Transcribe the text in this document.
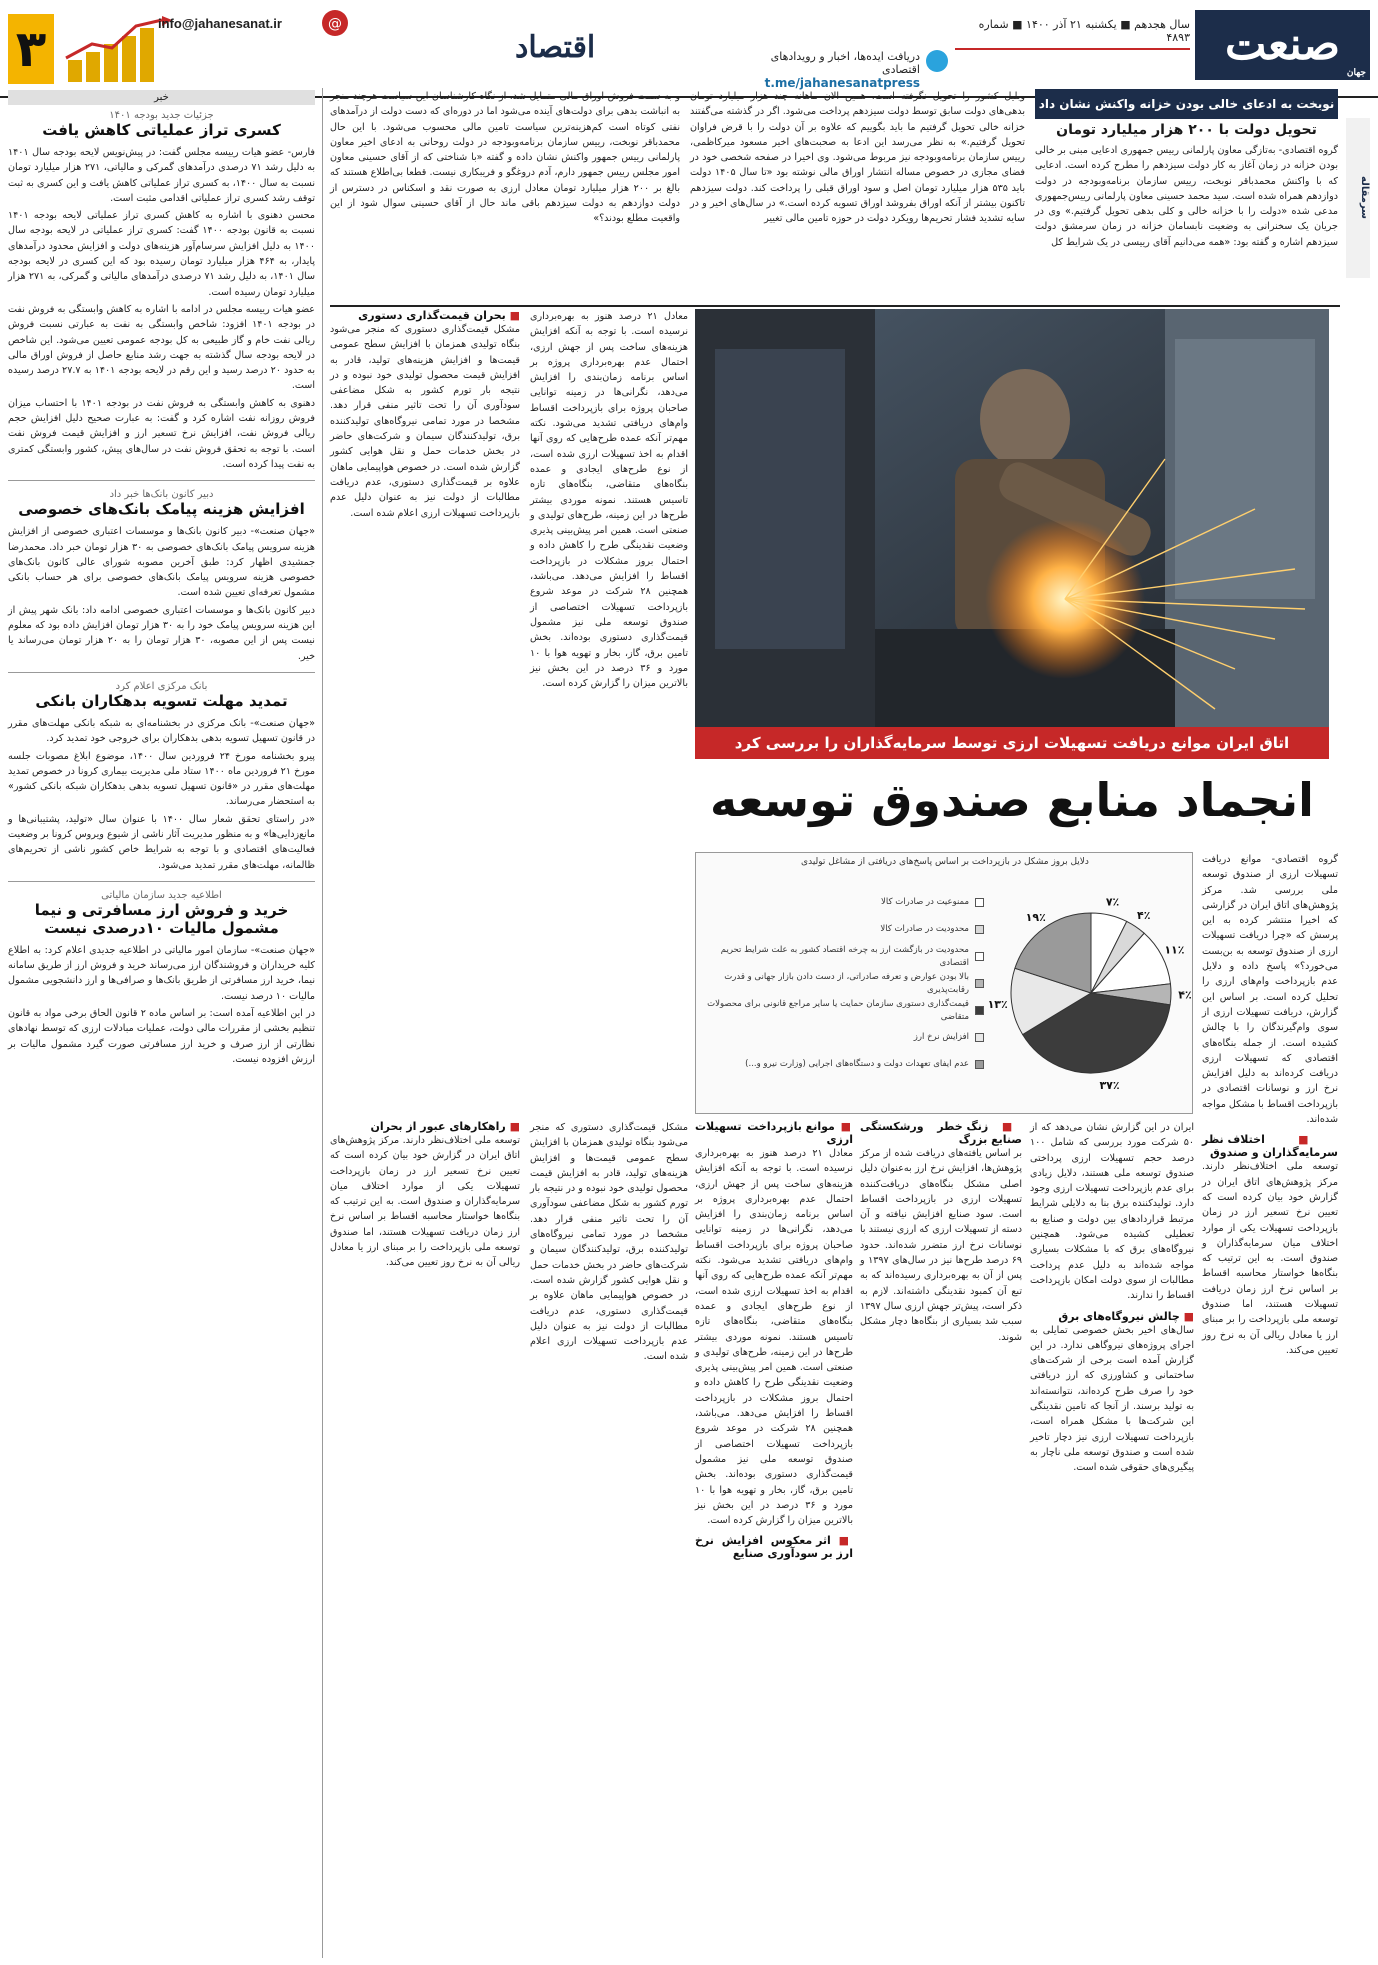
۳	info@jahanesanat.ir	@
اقتصاد	دریافت ایده‌ها، اخبار و رویدادهای اقتصادی
t.me/jahanesanatpress
سال هجدهم ■ یکشنبه ۲۱ آذر ۱۴۰۰ ■ شماره ۴۸۹۳ صنعت
جهان
خبر
جزئیات جدید بودجه ۱۴۰۱
کسری تراز عملیاتی کاهش یافت

فارس- عضو هیات رییسه مجلس گفت: در پیش‌نویس لایحه بودجه سال ۱۴۰۱ به دلیل رشد ۷۱ درصدی درآمدهای گمرکی و مالیاتی، ۲۷۱ هزار میلیارد تومان نسبت به سال ۱۴۰۰، به کسری تراز عملیاتی کاهش یافت و این کسری به ثبت توقف رشد کسری تراز عملیاتی اقدامی مثبت است.

محسن دهنوی با اشاره به کاهش کسری تراز عملیاتی لایحه بودجه ۱۴۰۱ نسبت به قانون بودجه ۱۴۰۰ گفت: کسری تراز عملیاتی در لایحه بودجه سال ۱۴۰۰ به دلیل افزایش سرسام‌آور هزینه‌های دولت و افزایش محدود درآمدهای پایدار، به ۴۶۴ هزار میلیارد تومان رسیده بود که این کسری در لایحه بودجه سال ۱۴۰۱، به دلیل رشد ۷۱ درصدی درآمدهای مالیاتی و گمرکی، به ۲۷۱ هزار میلیارد تومان رسیده است.

عضو هیات رییسه مجلس در ادامه با اشاره به کاهش وابستگی به فروش نفت در بودجه ۱۴۰۱ افزود: شاخص وابستگی به نفت به عبارتی نسبت فروش ریالی نفت خام و گاز طبیعی به کل بودجه عمومی تعیین می‌شود. این شاخص در لایحه بودجه سال گذشته به جهت رشد منابع حاصل از فروش اوراق مالی به حدود ۲۰ درصد رسید و این رقم در لایحه بودجه ۱۴۰۱ به ۲۷.۷ درصد رسیده است.

دهنوی به کاهش وابستگی به فروش نفت در بودجه ۱۴۰۱ با احتساب میزان فروش روزانه نفت اشاره کرد و گفت: به عبارت صحیح دلیل افزایش حجم ریالی فروش نفت، افزایش نرخ تسعیر ارز و افزایش قیمت فروش نفت است. با توجه به تحقق فروش نفت در سال‌های پیش، کشور وابستگی کمتری به نفت پیدا کرده است.

دبیر کانون بانک‌ها خبر داد
افزایش هزینه پیامک بانک‌های خصوصی

«جهان صنعت»- دبیر کانون بانک‌ها و موسسات اعتباری خصوصی از افزایش هزینه سرویس پیامک بانک‌های خصوصی به ۳۰ هزار تومان خبر داد. محمدرضا جمشیدی اظهار کرد: طبق آخرین مصوبه شورای عالی کانون بانک‌های خصوصی هزینه سرویس پیامک بانک‌های خصوصی برای هر حساب بانکی مشمول تعرفه‌ای تعیین شده است.

دبیر کانون بانک‌ها و موسسات اعتباری خصوصی ادامه داد: بانک شهر پیش از این هزینه سرویس پیامک خود را به ۳۰ هزار تومان افزایش داده بود که معلوم نیست پس از این مصوبه، ۳۰ هزار تومان را به ۲۰ هزار تومان می‌رساند یا خیر.

بانک مرکزی اعلام کرد
تمدید مهلت تسویه بدهکاران بانکی

«جهان صنعت»- بانک مرکزی در بخشنامه‌ای به شبکه بانکی مهلت‌های مقرر در قانون تسهیل تسویه بدهی بدهکاران برای خروجی خود تمدید کرد.

پیرو بخشنامه مورخ ۲۴ فروردین سال ۱۴۰۰، موضوع ابلاغ مصوبات جلسه مورخ ۲۱ فروردین ماه ۱۴۰۰ ستاد ملی مدیریت بیماری کرونا در خصوص تمدید مهلت‌های مقرر در «قانون تسهیل تسویه بدهی بدهکاران شبکه بانکی کشور» به استحضار می‌رساند.

«در راستای تحقق شعار سال ۱۴۰۰ با عنوان سال «تولید، پشتیبانی‌ها و مانع‌زدایی‌ها» و به منظور مدیریت آثار ناشی از شیوع ویروس کرونا بر وضعیت فعالیت‌های اقتصادی و با توجه به شرایط خاص کشور ناشی از تحریم‌های ظالمانه، مهلت‌های مقرر تمدید می‌شود.

اطلاعیه جدید سازمان مالیاتی
خرید و فروش ارز مسافرتی و نیما مشمول مالیات ۱۰درصدی نیست

«جهان صنعت»- سازمان امور مالیاتی در اطلاعیه جدیدی اعلام کرد: به اطلاع کلیه خریداران و فروشندگان ارز می‌رساند خرید و فروش ارز از طریق سامانه نیما، خرید ارز مسافرتی از طریق بانک‌ها و صرافی‌ها و ارز دانشجویی مشمول مالیات ۱۰ درصد نیست.

در این اطلاعیه آمده است: بر اساس ماده ۲ قانون الحاق برخی مواد به قانون تنظیم بخشی از مقررات مالی دولت، عملیات مبادلات ارزی که توسط نهادهای نظارتی از ارز صرف و خرید ارز مسافرتی صورت گیرد مشمول مالیات بر ارزش افزوده نیست.

نوبخت به ادعای خالی بودن خزانه واکنش نشان داد
تحویل دولت با ۲۰۰ هزار میلیارد تومان
سرمقاله
گروه اقتصادی- به‌تازگی معاون پارلمانی رییس جمهوری ادعایی مبنی بر خالی بودن خزانه در زمان آغاز به کار دولت سیزدهم را مطرح کرده است. ادعایی که با واکنش محمدباقر نوبخت، رییس سازمان برنامه‌وبودجه در دولت دوازدهم همراه شده است. سید محمد حسینی معاون پارلمانی رییس‌جمهوری مدعی شده «دولت را با خزانه خالی و کلی بدهی تحویل گرفتیم.» وی در جریان یک سخنرانی به وضعیت نابسامان خزانه در زمان سرمشق دولت سیزدهم اشاره و گفته بود: «همه می‌دانیم آقای رییسی در یک شرایط کل
وبلیل کشور را تحویل نگرفته است. همین الان ماهانه چند هزار میلیارد تومان بدهی‌های دولت سابق توسط دولت سیزدهم پرداخت می‌شود. اگر در گذشته می‌گفتند خزانه خالی تحویل گرفتیم ما باید بگوییم که علاوه بر آن دولت را با قرض فراوان تحویل گرفتیم.» به نظر می‌رسد این ادعا به صحبت‌های اخیر مسعود میرکاظمی، رییس سازمان برنامه‌وبودجه نیز مربوط می‌شود. وی اخیرا در صفحه شخصی خود در فضای مجازی در خصوص مساله انتشار اوراق مالی نوشته بود «تا سال ۱۴۰۵ دولت باید ۵۳۵ هزار میلیارد تومان اصل و سود اوراق قبلی را پرداخت کند. دولت سیزدهم تاکنون بیشتر از آنکه اوراق بفروشد اوراق تسویه کرده است.» در سال‌های اخیر و در سایه تشدید فشار تحریم‌ها رویکرد دولت در حوزه تامین مالی تغییر
و به سمت فروش اوراق مالی متمایل شد. از نگاه کارشناسان این سیاست هرچند منجر به انباشت بدهی برای دولت‌های آینده می‌شود اما در دوره‌ای که دست دولت از درآمدهای نفتی کوتاه است کم‌هزینه‌ترین سیاست تامین مالی محسوب می‌شود. با این حال محمدباقر نوبخت، رییس سازمان برنامه‌وبودجه در دولت روحانی به ادعای اخیر معاون پارلمانی رییس جمهور واکنش نشان داده و گفته «با شناختی که از آقای حسینی معاون امور مجلس رییس جمهور دارم، آدم دروغگو و فریبکاری نیست. قطعا بی‌اطلاع هستند که بالغ بر ۲۰۰ هزار میلیارد تومان معادل ارزی به صورت نقد و اسکناس در دسترس از دولت دوازدهم به دولت سیزدهم باقی ماند حال از آقای حسینی سوال شود از این واقعیت مطلع بودند؟»
اتاق ایران موانع دریافت تسهیلات ارزی توسط سرمایه‌گذاران را بررسی کرد
انجماد منابع صندوق توسعه

گروه اقتصادی- موانع دریافت تسهیلات ارزی از صندوق توسعه ملی بررسی شد. مرکز پژوهش‌های اتاق ایران در گزارشی که اخیرا منتشر کرده به این پرسش که «چرا دریافت تسهیلات ارزی از صندوق توسعه به بن‌بست می‌خورد؟» پاسخ داده و دلایل عدم بازپرداخت وام‌های ارزی را تحلیل کرده است. بر اساس این گزارش، دریافت تسهیلات ارزی از سوی وام‌گیرندگان را با چالش کشیده است. از جمله بنگاه‌های اقتصادی که تسهیلات ارزی دریافت کرده‌اند به دلیل افزایش نرخ ارز و نوسانات اقتصادی در بازپرداخت اقساط با مشکل مواجه شده‌اند.

■ اختلاف نظر سرمایه‌گذاران و صندوق

توسعه ملی اختلاف‌نظر دارند. مرکز پژوهش‌های اتاق ایران در گزارش خود بیان کرده است که تعیین نرخ تسعیر ارز در زمان بازپرداخت تسهیلات یکی از موارد اختلاف میان سرمایه‌گذاران و صندوق است. به این ترتیب که بنگاه‌ها خواستار محاسبه اقساط بر اساس نرخ ارز زمان دریافت تسهیلات هستند، اما صندوق توسعه ملی بازپرداخت را بر مبنای ارز یا معادل ریالی آن به نرخ روز تعیین می‌کند.

معادل ۲۱ درصد هنوز به بهره‌برداری نرسیده است. با توجه به آنکه افزایش هزینه‌های ساخت پس از جهش ارزی، احتمال عدم بهره‌برداری پروژه بر اساس برنامه زمان‌بندی را افزایش می‌دهد، نگرانی‌ها در زمینه توانایی صاحبان پروژه برای بازپرداخت اقساط وام‌های دریافتی تشدید می‌شود. نکته مهم‌تر آنکه عمده طرح‌هایی که روی آنها اقدام به اخذ تسهیلات ارزی شده است، از نوع طرح‌های ایجادی و عمده بنگاه‌های متقاضی، بنگاه‌های تازه تاسیس هستند. نمونه موردی بیشتر طرح‌ها در این زمینه، طرح‌های تولیدی و صنعتی است. همین امر پیش‌بینی پذیری وضعیت نقدینگی طرح را کاهش داده و احتمال بروز مشکلات در بازپرداخت اقساط را افزایش می‌دهد. می‌باشد، همچنین ۲۸ شرکت در موعد شروع بازپرداخت تسهیلات اختصاصی از صندوق توسعه ملی نیز مشمول قیمت‌گذاری دستوری بوده‌اند. بخش تامین برق، گاز، بخار و تهویه هوا با ۱۰ مورد و ۳۶ درصد در این بخش نیز بالاترین میزان را گزارش کرده است.

■ بحران قیمت‌گذاری دستوری

مشکل قیمت‌گذاری دستوری که منجر می‌شود بنگاه تولیدی همزمان با افزایش سطح عمومی قیمت‌ها و افزایش هزینه‌های تولید، قادر به افزایش قیمت محصول تولیدی خود نبوده و در نتیجه بار تورم کشور به شکل مضاعفی سودآوری آن را تحت تاثیر منفی قرار دهد. مشخصا در مورد تمامی نیروگاه‌های تولیدکننده برق، تولیدکنندگان سیمان و شرکت‌های حاضر در بخش خدمات حمل و نقل هوایی کشور گزارش شده است. در خصوص هواپیمایی ماهان علاوه بر قیمت‌گذاری دستوری، عدم دریافت مطالبات از دولت نیز به عنوان دلیل عدم بازپرداخت تسهیلات ارزی اعلام شده است.

دلایل بروز مشکل در بازپرداخت بر اساس پاسخ‌های دریافتی از مشاغل تولیدی
ممنوعیت در صادرات کالا
محدودیت در صادرات کالا
محدودیت در بازگشت ارز به چرخه اقتصاد کشور به علت شرایط تحریم اقتصادی
بالا بودن عوارض و تعرفه صادراتی، از دست دادن بازار جهانی و قدرت رقابت‌پذیری
قیمت‌گذاری دستوری سازمان حمایت یا سایر مراجع قانونی برای محصولات متقاضی
افزایش نرخ ارز
عدم ایفای تعهدات دولت و دستگاه‌های اجرایی (وزارت نیرو و...)
۷٪
۴٪
۱۱٪
۴٪
۳۷٪
۱۳٪
۱۹٪

ایران در این گزارش نشان می‌دهد که از ۵۰ شرکت مورد بررسی که شامل ۱۰۰ درصد حجم تسهیلات ارزی پرداختی صندوق توسعه ملی هستند، دلایل زیادی برای عدم بازپرداخت تسهیلات ارزی وجود دارد. تولیدکننده برق بنا به دلایلی شرایط مرتبط قراردادهای بین دولت و صنایع به تعطیلی کشیده می‌شود. همچنین نیروگاه‌های برق که با مشکلات بسیاری مواجه شده‌اند به دلیل عدم پرداخت مطالبات از سوی دولت امکان بازپرداخت اقساط را ندارند.

■ چالش نیروگاه‌های برق

سال‌های اخیر بخش خصوصی تمایلی به اجرای پروژه‌های نیروگاهی ندارد. در این گزارش آمده است برخی از شرکت‌های ساختمانی و کشاورزی که ارز دریافتی خود را صرف طرح کرده‌اند، نتوانسته‌اند به تولید برسند. از آنجا که تامین نقدینگی این شرکت‌ها با مشکل همراه است، بازپرداخت تسهیلات ارزی نیز دچار تاخیر شده است و صندوق توسعه ملی ناچار به پیگیری‌های حقوقی شده است.

■ زنگ خطر ورشکستگی صنایع بزرگ

بر اساس یافته‌های دریافت شده از مرکز پژوهش‌ها، افزایش نرخ ارز به‌عنوان دلیل اصلی مشکل بنگاه‌های دریافت‌کننده تسهیلات ارزی در بازپرداخت اقساط است. سود صنایع افزایش نیافته و آن دسته از تسهیلات ارزی که ارزی نیستند با نوسانات نرخ ارز متضرر شده‌اند. حدود ۶۹ درصد طرح‌ها نیز در سال‌های ۱۳۹۷ و پس از آن به بهره‌برداری رسیده‌اند که به تبع آن کمبود نقدینگی داشته‌اند. لازم به ذکر است، پیش‌تر جهش ارزی سال ۱۳۹۷ سبب شد بسیاری از بنگاه‌ها دچار مشکل شوند.

■ موانع بازپرداخت تسهیلات ارزی

معادل ۲۱ درصد هنوز به بهره‌برداری نرسیده است. با توجه به آنکه افزایش هزینه‌های ساخت پس از جهش ارزی، احتمال عدم بهره‌برداری پروژه بر اساس برنامه زمان‌بندی را افزایش می‌دهد، نگرانی‌ها در زمینه توانایی صاحبان پروژه برای بازپرداخت اقساط وام‌های دریافتی تشدید می‌شود. نکته مهم‌تر آنکه عمده طرح‌هایی که روی آنها اقدام به اخذ تسهیلات ارزی شده است، از نوع طرح‌های ایجادی و عمده بنگاه‌های متقاضی، بنگاه‌های تازه تاسیس هستند. نمونه موردی بیشتر طرح‌ها در این زمینه، طرح‌های تولیدی و صنعتی است. همین امر پیش‌بینی پذیری وضعیت نقدینگی طرح را کاهش داده و احتمال بروز مشکلات در بازپرداخت اقساط را افزایش می‌دهد. می‌باشد، همچنین ۲۸ شرکت در موعد شروع بازپرداخت تسهیلات اختصاصی از صندوق توسعه ملی نیز مشمول قیمت‌گذاری دستوری بوده‌اند. بخش تامین برق، گاز، بخار و تهویه هوا با ۱۰ مورد و ۳۶ درصد در این بخش نیز بالاترین میزان را گزارش کرده است.

■ اثر معکوس افزایش نرخ ارز بر سودآوری صنایع

مشکل قیمت‌گذاری دستوری که منجر می‌شود بنگاه تولیدی همزمان با افزایش سطح عمومی قیمت‌ها و افزایش هزینه‌های تولید، قادر به افزایش قیمت محصول تولیدی خود نبوده و در نتیجه بار تورم کشور به شکل مضاعفی سودآوری آن را تحت تاثیر منفی قرار دهد. مشخصا در مورد تمامی نیروگاه‌های تولیدکننده برق، تولیدکنندگان سیمان و شرکت‌های حاضر در بخش خدمات حمل و نقل هوایی کشور گزارش شده است. در خصوص هواپیمایی ماهان علاوه بر قیمت‌گذاری دستوری، عدم دریافت مطالبات از دولت نیز به عنوان دلیل عدم بازپرداخت تسهیلات ارزی اعلام شده است.

■ راهکارهای عبور از بحران

توسعه ملی اختلاف‌نظر دارند. مرکز پژوهش‌های اتاق ایران در گزارش خود بیان کرده است که تعیین نرخ تسعیر ارز در زمان بازپرداخت تسهیلات یکی از موارد اختلاف میان سرمایه‌گذاران و صندوق است. به این ترتیب که بنگاه‌ها خواستار محاسبه اقساط بر اساس نرخ ارز زمان دریافت تسهیلات هستند، اما صندوق توسعه ملی بازپرداخت را بر مبنای ارز یا معادل ریالی آن به نرخ روز تعیین می‌کند.
